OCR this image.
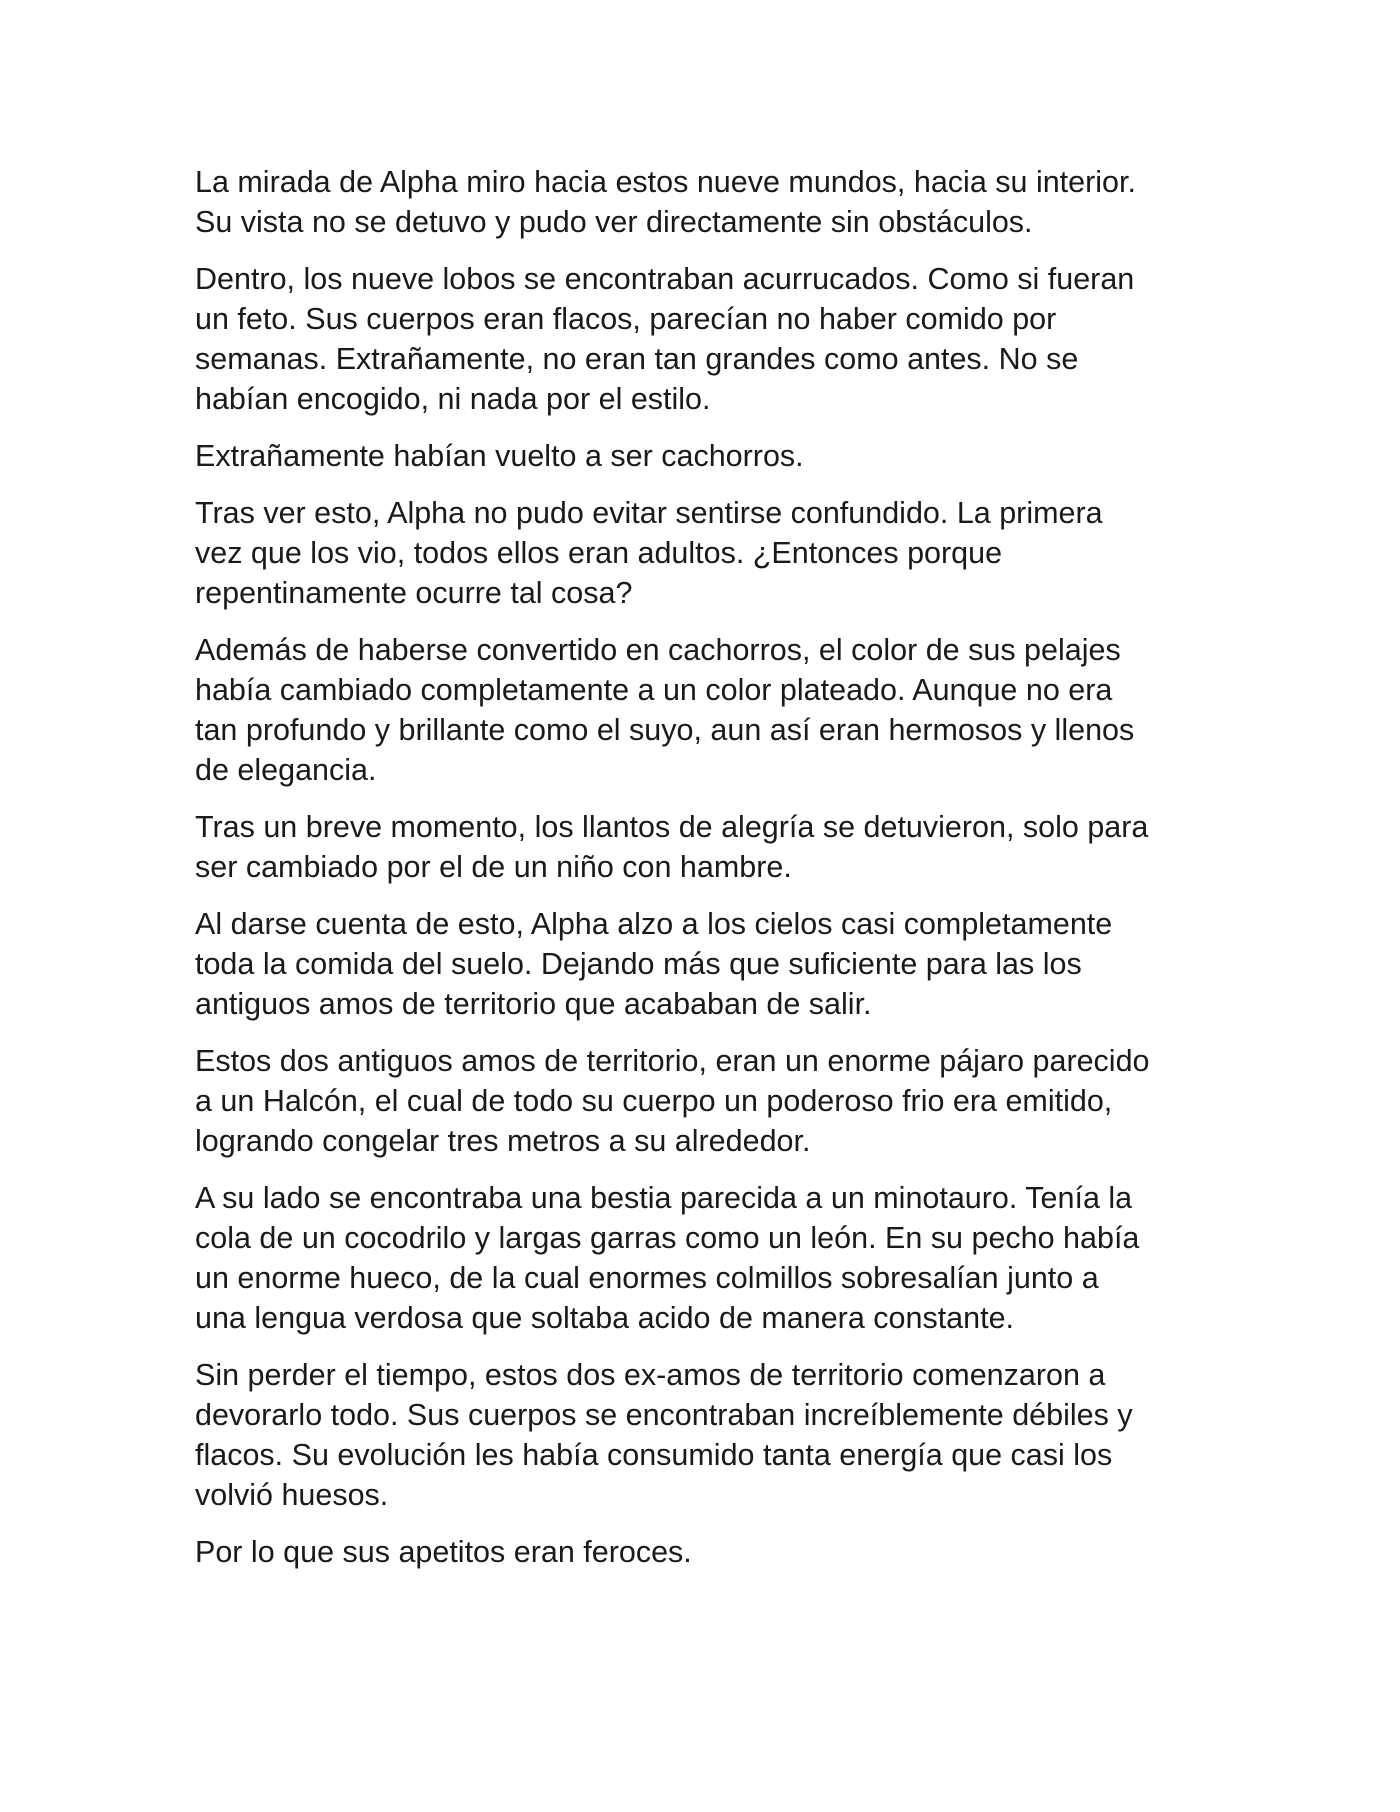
La mirada de Alpha miro hacia estos nueve mundos, hacia su interior.
Su vista no se detuvo y pudo ver directamente sin obstáculos.

Dentro, los nueve lobos se encontraban acurrucados. Como si fueran
un feto. Sus cuerpos eran flacos, parecían no haber comido por
semanas. Extrañamente, no eran tan grandes como antes. No se
habían encogido, ni nada por el estilo.

Extrañamente habían vuelto a ser cachorros.

Tras ver esto, Alpha no pudo evitar sentirse confundido. La primera
vez que los vio, todos ellos eran adultos. ¿Entonces porque
repentinamente ocurre tal cosa?

Además de haberse convertido en cachorros, el color de sus pelajes
había cambiado completamente a un color plateado. Aunque no era
tan profundo y brillante como el suyo, aun así eran hermosos y llenos
de elegancia.

Tras un breve momento, los llantos de alegría se detuvieron, solo para
ser cambiado por el de un niño con hambre.

Al darse cuenta de esto, Alpha alzo a los cielos casi completamente
toda la comida del suelo. Dejando más que suficiente para las los
antiguos amos de territorio que acababan de salir.

Estos dos antiguos amos de territorio, eran un enorme pájaro parecido
a un Halcón, el cual de todo su cuerpo un poderoso frio era emitido,
logrando congelar tres metros a su alrededor.

A su lado se encontraba una bestia parecida a un minotauro. Tenía la
cola de un cocodrilo y largas garras como un león. En su pecho había
un enorme hueco, de la cual enormes colmillos sobresalían junto a
una lengua verdosa que soltaba acido de manera constante.

Sin perder el tiempo, estos dos ex-amos de territorio comenzaron a
devorarlo todo. Sus cuerpos se encontraban increíblemente débiles y
flacos. Su evolución les había consumido tanta energía que casi los
volvió huesos.

Por lo que sus apetitos eran feroces.
